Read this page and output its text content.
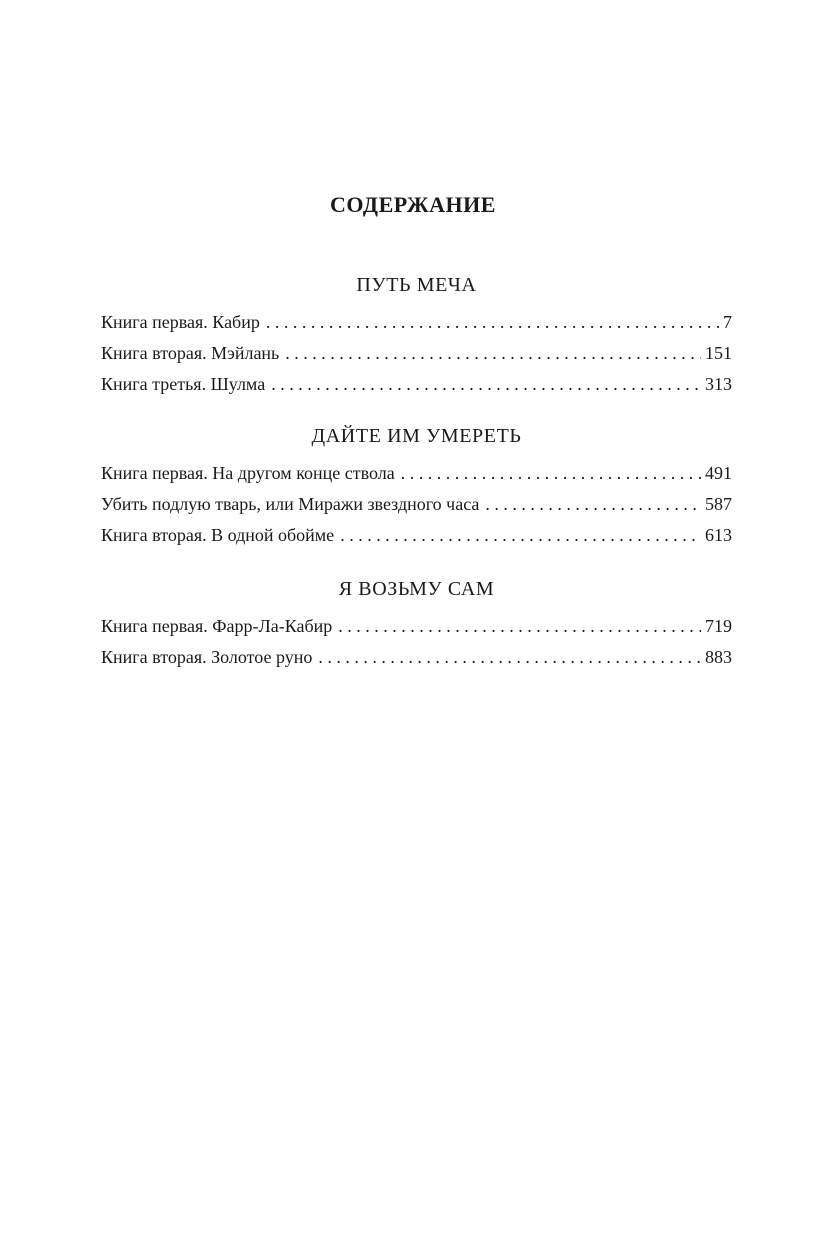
СОДЕРЖАНИЕ
ПУТЬ МЕЧА
Книга первая. Кабир . . .	7
Книга вторая. Мэйлань . . .	151
Книга третья. Шулма . . .	313
ДАЙТЕ ИМ УМЕРЕТЬ
Книга первая. На другом конце ствола . . .	491
Убить подлую тварь, или Миражи звездного часа . . .	587
Книга вторая. В одной обойме . . .	613
Я ВОЗЬМУ САМ
Книга первая. Фарр-Ла-Кабир . . .	719
Книга вторая. Золотое руно . . .	883
